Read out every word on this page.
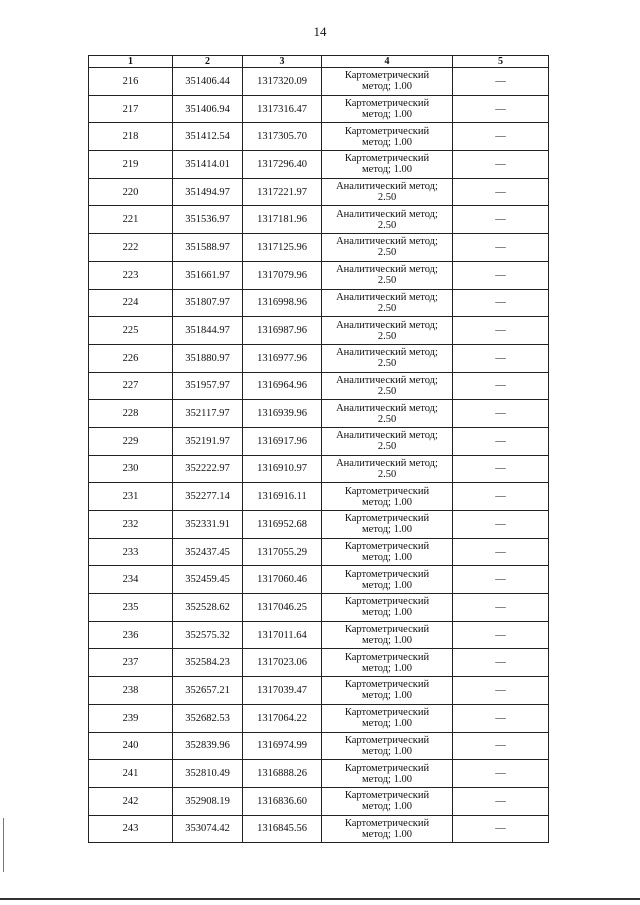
14
1	2	3	4	5
216	351406.44	1317320.09	Картометрический
метод; 1.00	—
217	351406.94	1317316.47	Картометрический
метод; 1.00	—
218	351412.54	1317305.70	Картометрический
метод; 1.00	—
219	351414.01	1317296.40	Картометрический
метод; 1.00	—
220	351494.97	1317221.97	Аналитический метод;
2.50	—
221	351536.97	1317181.96	Аналитический метод;
2.50	—
222	351588.97	1317125.96	Аналитический метод;
2.50	—
223	351661.97	1317079.96	Аналитический метод;
2.50	—
224	351807.97	1316998.96	Аналитический метод;
2.50	—
225	351844.97	1316987.96	Аналитический метод;
2.50	—
226	351880.97	1316977.96	Аналитический метод;
2.50	—
227	351957.97	1316964.96	Аналитический метод;
2.50	—
228	352117.97	1316939.96	Аналитический метод;
2.50	—
229	352191.97	1316917.96	Аналитический метод;
2.50	—
230	352222.97	1316910.97	Аналитический метод;
2.50	—
231	352277.14	1316916.11	Картометрический
метод; 1.00	—
232	352331.91	1316952.68	Картометрический
метод; 1.00	—
233	352437.45	1317055.29	Картометрический
метод; 1.00	—
234	352459.45	1317060.46	Картометрический
метод; 1.00	—
235	352528.62	1317046.25	Картометрический
метод; 1.00	—
236	352575.32	1317011.64	Картометрический
метод; 1.00	—
237	352584.23	1317023.06	Картометрический
метод; 1.00	—
238	352657.21	1317039.47	Картометрический
метод; 1.00	—
239	352682.53	1317064.22	Картометрический
метод; 1.00	—
240	352839.96	1316974.99	Картометрический
метод; 1.00	—
241	352810.49	1316888.26	Картометрический
метод; 1.00	—
242	352908.19	1316836.60	Картометрический
метод; 1.00	—
243	353074.42	1316845.56	Картометрический
метод; 1.00	—
